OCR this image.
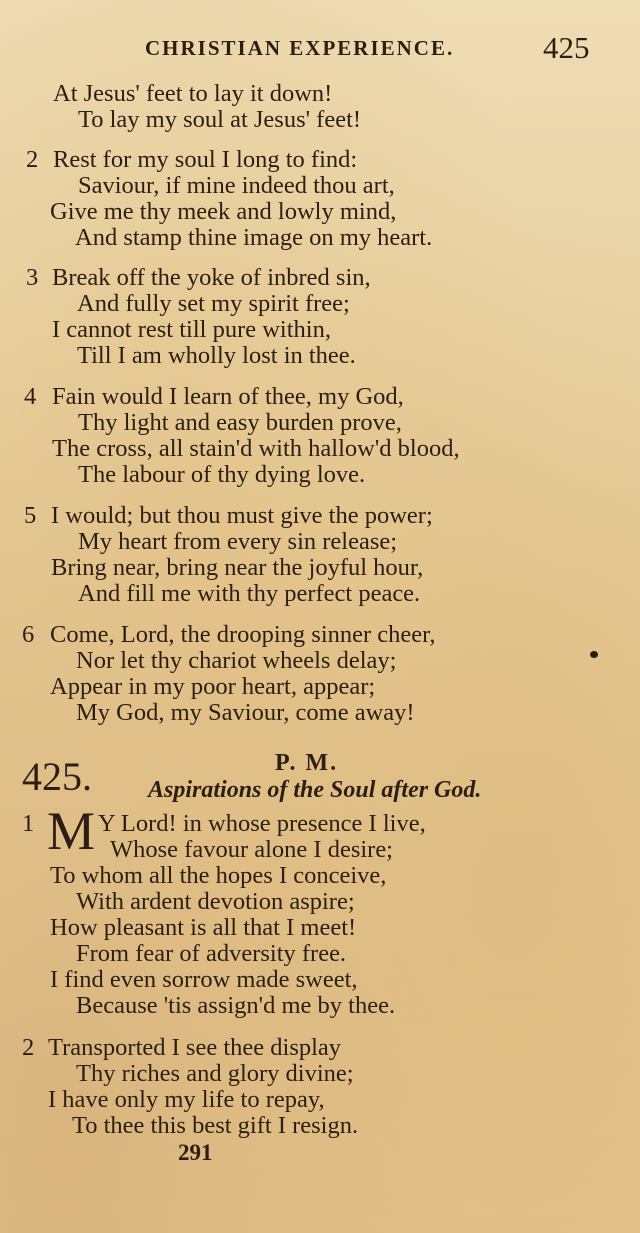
CHRISTIAN EXPERIENCE.	425
At Jesus' feet to lay it down!
To lay my soul at Jesus' feet!
2 Rest for my soul I long to find:
Saviour, if mine indeed thou art,
Give me thy meek and lowly mind,
And stamp thine image on my heart.
3 Break off the yoke of inbred sin,
And fully set my spirit free;
I cannot rest till pure within,
Till I am wholly lost in thee.
4 Fain would I learn of thee, my God,
Thy light and easy burden prove,
The cross, all stain'd with hallow'd blood,
The labour of thy dying love.
5 I would; but thou must give the power;
My heart from every sin release;
Bring near, bring near the joyful hour,
And fill me with thy perfect peace.
6 Come, Lord, the drooping sinner cheer,
Nor let thy chariot wheels delay;
Appear in my poor heart, appear;
My God, my Saviour, come away!
425.	P. M.
Aspirations of the Soul after God.
1 M Y Lord! in whose presence I live,
Whose favour alone I desire;
To whom all the hopes I conceive,
With ardent devotion aspire;
How pleasant is all that I meet!
From fear of adversity free.
I find even sorrow made sweet,
Because 'tis assign'd me by thee.
2 Transported I see thee display
Thy riches and glory divine;
I have only my life to repay,
To thee this best gift I resign.
291
